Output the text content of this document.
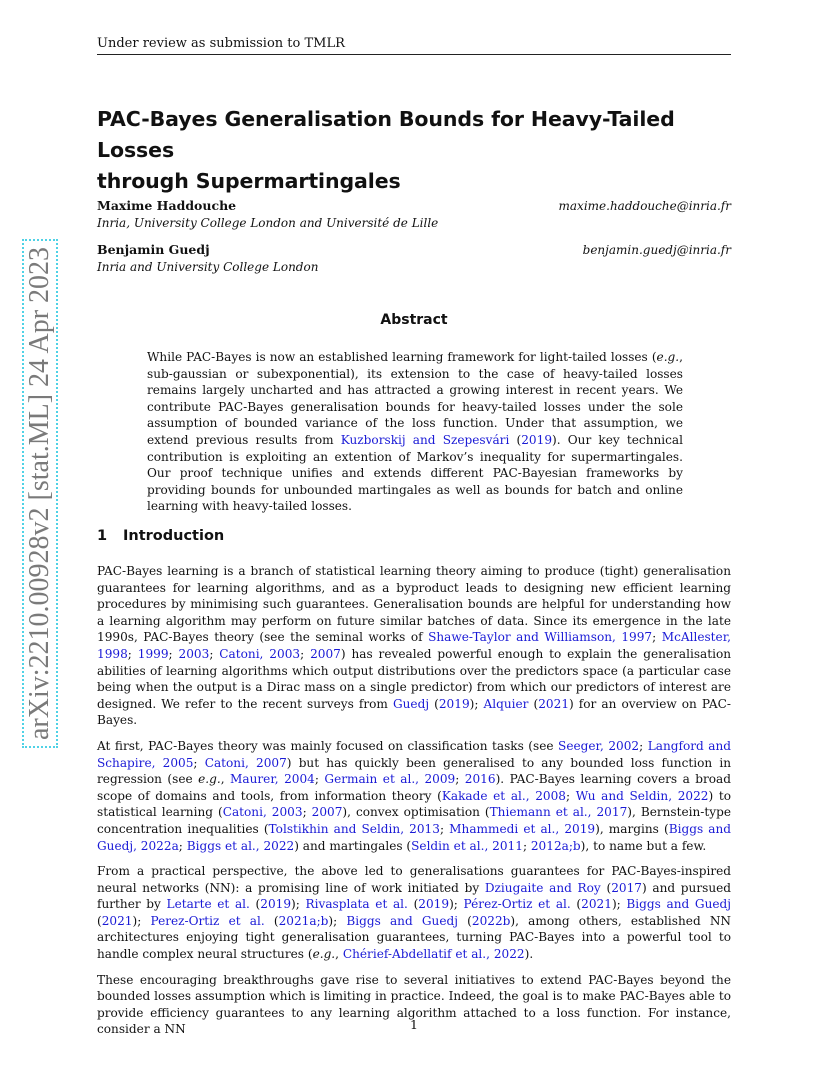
Under review as submission to TMLR
arXiv:2210.00928v2 [stat.ML] 24 Apr 2023
PAC-Bayes Generalisation Bounds for Heavy-Tailed Losses
through Supermartingales
Maxime Haddouche
Inria, University College London and Université de Lille
maxime.haddouche@inria.fr
Benjamin Guedj
Inria and University College London
benjamin.guedj@inria.fr
Abstract

While PAC-Bayes is now an established learning framework for light-tailed losses (e.g., sub-gaussian or subexponential), its extension to the case of heavy-tailed losses remains largely uncharted and has attracted a growing interest in recent years. We contribute PAC-Bayes generalisation bounds for heavy-tailed losses under the sole assumption of bounded variance of the loss function. Under that assumption, we extend previous results from Kuzborskij and Szepesvári (2019). Our key technical contribution is exploiting an extention of Markov’s inequality for supermartingales. Our proof technique unifies and extends different PAC-Bayesian frameworks by providing bounds for unbounded martingales as well as bounds for batch and online learning with heavy-tailed losses.

1 Introduction

PAC-Bayes learning is a branch of statistical learning theory aiming to produce (tight) generalisation guarantees for learning algorithms, and as a byproduct leads to designing new efficient learning procedures by minimising such guarantees. Generalisation bounds are helpful for understanding how a learning algorithm may perform on future similar batches of data. Since its emergence in the late 1990s, PAC-Bayes theory (see the seminal works of Shawe-Taylor and Williamson, 1997; McAllester, 1998; 1999; 2003; Catoni, 2003; 2007) has revealed powerful enough to explain the generalisation abilities of learning algorithms which output distributions over the predictors space (a particular case being when the output is a Dirac mass on a single predictor) from which our predictors of interest are designed. We refer to the recent surveys from Guedj (2019); Alquier (2021) for an overview on PAC-Bayes.

At first, PAC-Bayes theory was mainly focused on classification tasks (see Seeger, 2002; Langford and Schapire, 2005; Catoni, 2007) but has quickly been generalised to any bounded loss function in regression (see e.g., Maurer, 2004; Germain et al., 2009; 2016). PAC-Bayes learning covers a broad scope of domains and tools, from information theory (Kakade et al., 2008; Wu and Seldin, 2022) to statistical learning (Catoni, 2003; 2007), convex optimisation (Thiemann et al., 2017), Bernstein-type concentration inequalities (Tolstikhin and Seldin, 2013; Mhammedi et al., 2019), margins (Biggs and Guedj, 2022a; Biggs et al., 2022) and martingales (Seldin et al., 2011; 2012a;b), to name but a few.

From a practical perspective, the above led to generalisations guarantees for PAC-Bayes-inspired neural networks (NN): a promising line of work initiated by Dziugaite and Roy (2017) and pursued further by Letarte et al. (2019); Rivasplata et al. (2019); Pérez-Ortiz et al. (2021); Biggs and Guedj (2021); Perez-Ortiz et al. (2021a;b); Biggs and Guedj (2022b), among others, established NN architectures enjoying tight generalisation guarantees, turning PAC-Bayes into a powerful tool to handle complex neural structures (e.g., Chérief-Abdellatif et al., 2022).

These encouraging breakthroughs gave rise to several initiatives to extend PAC-Bayes beyond the bounded losses assumption which is limiting in practice. Indeed, the goal is to make PAC-Bayes able to provide efficiency guarantees to any learning algorithm attached to a loss function. For instance, consider a NN	1
